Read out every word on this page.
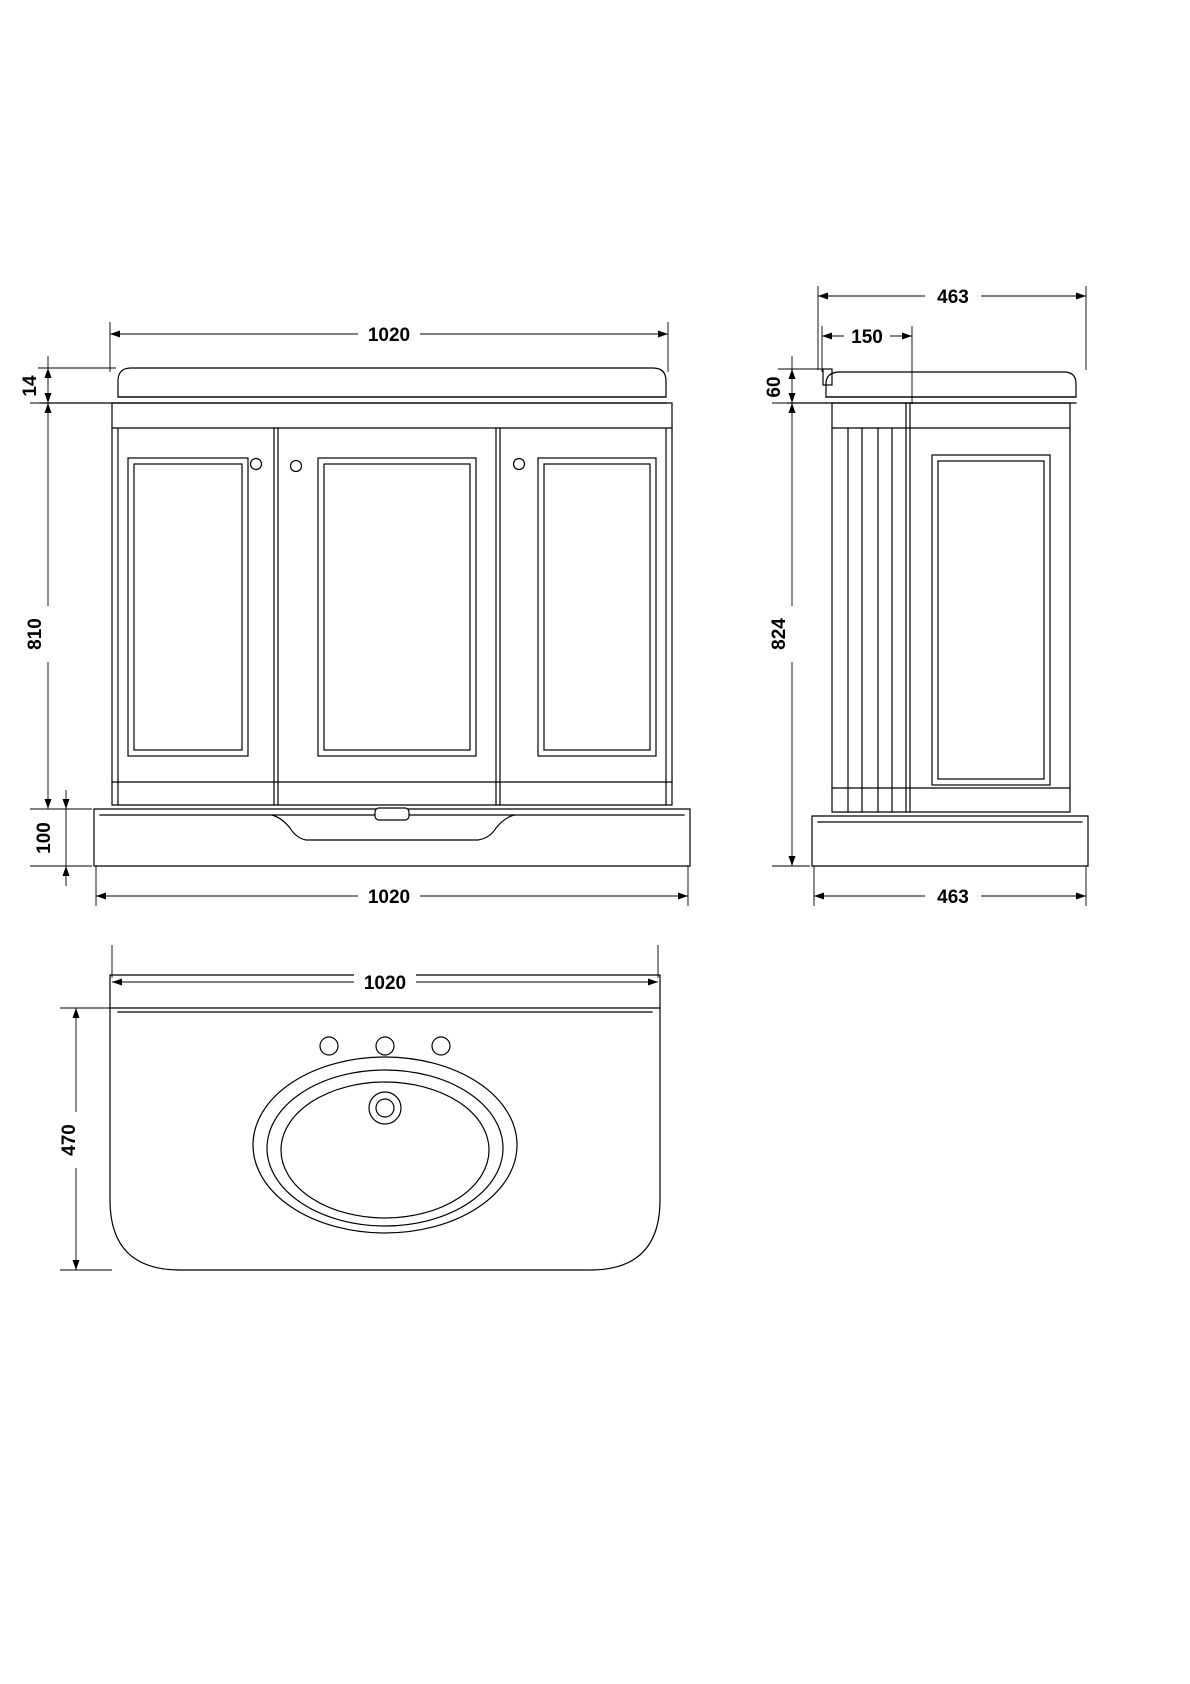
1020
14
810
100
1020
463
150
60
824
463
1020
470
